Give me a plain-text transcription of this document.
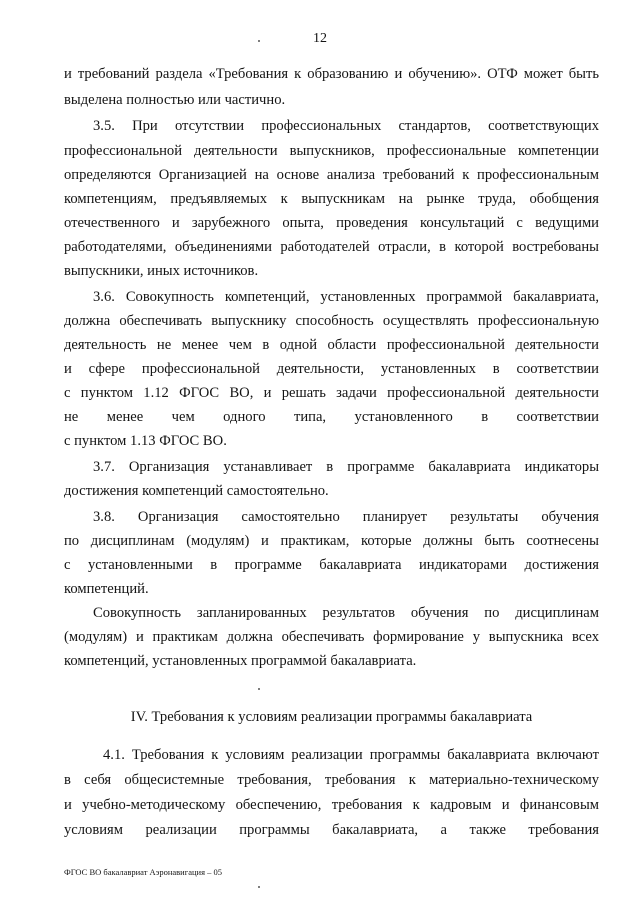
12
и требований раздела «Требования к образованию и обучению». ОТФ может быть
выделена полностью или частично.
3.5. При отсутствии профессиональных стандартов, соответствующих
профессиональной деятельности выпускников, профессиональные компетенции
определяются Организацией на основе анализа требований к профессиональным
компетенциям, предъявляемых к выпускникам на рынке труда, обобщения
отечественного и зарубежного опыта, проведения консультаций с ведущими
работодателями, объединениями работодателей отрасли, в которой востребованы
выпускники, иных источников.
3.6. Совокупность компетенций, установленных программой бакалавриата,
должна обеспечивать выпускнику способность осуществлять профессиональную
деятельность не менее чем в одной области профессиональной деятельности
и сфере профессиональной деятельности, установленных в соответствии
с пунктом 1.12 ФГОС ВО, и решать задачи профессиональной деятельности
не менее чем одного типа, установленного в соответствии
с пунктом 1.13 ФГОС ВО.
3.7. Организация устанавливает в программе бакалавриата индикаторы
достижения компетенций самостоятельно.
3.8. Организация самостоятельно планирует результаты обучения
по дисциплинам (модулям) и практикам, которые должны быть соотнесены
с установленными в программе бакалавриата индикаторами достижения
компетенций.
Совокупность запланированных результатов обучения по дисциплинам
(модулям) и практикам должна обеспечивать формирование у выпускника всех
компетенций, установленных программой бакалавриата.
IV. Требования к условиям реализации программы бакалавриата
4.1. Требования к условиям реализации программы бакалавриата включают
в себя общесистемные требования, требования к материально-техническому
и учебно-методическому обеспечению, требования к кадровым и финансовым
условиям реализации программы бакалавриата, а также требования
ФГОС ВО бакалавриат Аэронавигация – 05
